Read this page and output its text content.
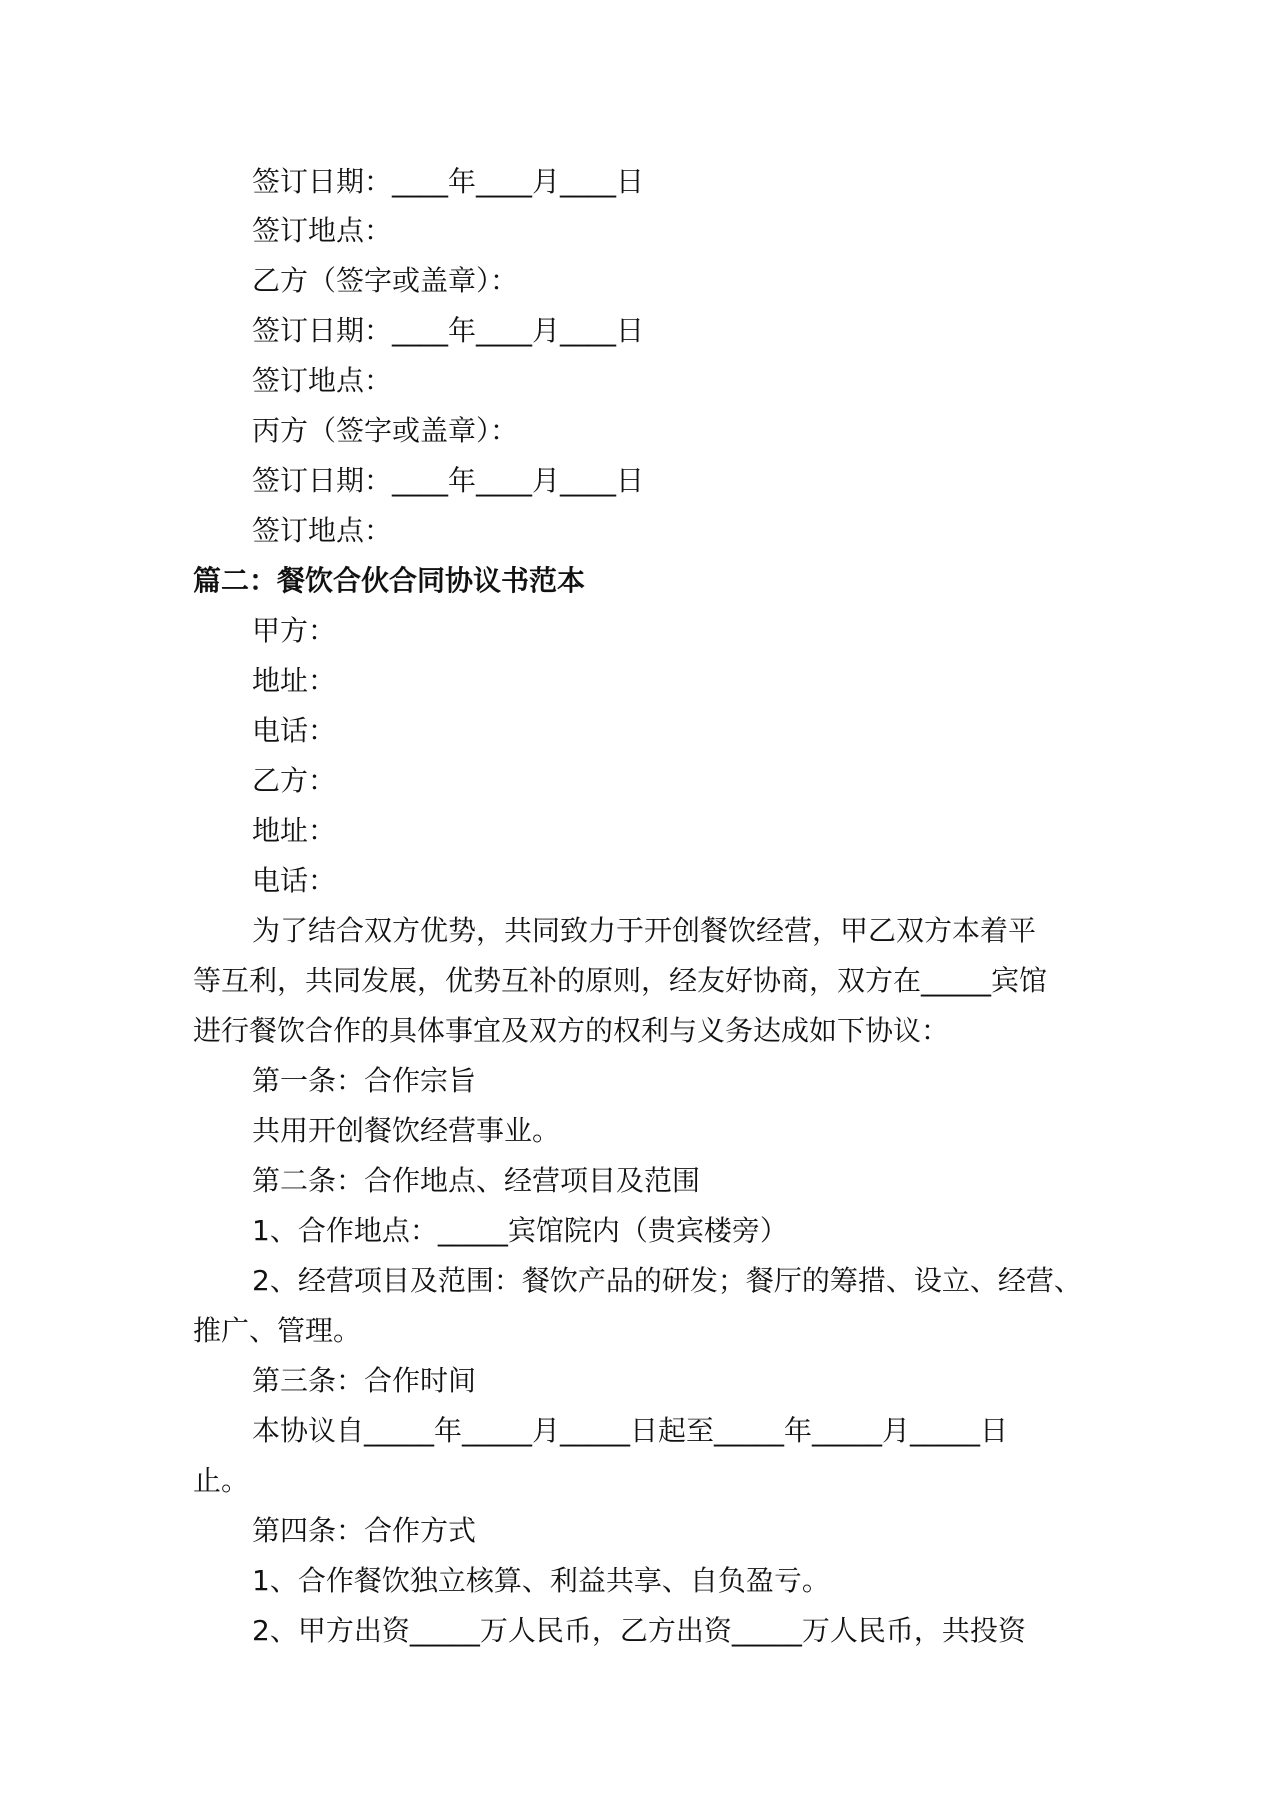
签订日期：____年____月____日
签订地点：
乙方（签字或盖章）：
签订日期：____年____月____日
签订地点：
丙方（签字或盖章）：
签订日期：____年____月____日
签订地点：
篇二：餐饮合伙合同协议书范本
甲方：
地址：
电话：
乙方：
地址：
电话：
为了结合双方优势，共同致力于开创餐饮经营，甲乙双方本着平
等互利，共同发展，优势互补的原则，经友好协商，双方在_____宾馆
进行餐饮合作的具体事宜及双方的权利与义务达成如下协议：
第一条：合作宗旨
共用开创餐饮经营事业。
第二条：合作地点、经营项目及范围
1、合作地点：_____宾馆院内（贵宾楼旁）
2、经营项目及范围：餐饮产品的研发；餐厅的筹措、设立、经营、
推广、管理。
第三条：合作时间
本协议自_____年_____月_____日起至_____年_____月_____日
止。
第四条：合作方式
1、合作餐饮独立核算、利益共享、自负盈亏。
2、甲方出资_____万人民币，乙方出资_____万人民币，共投资
